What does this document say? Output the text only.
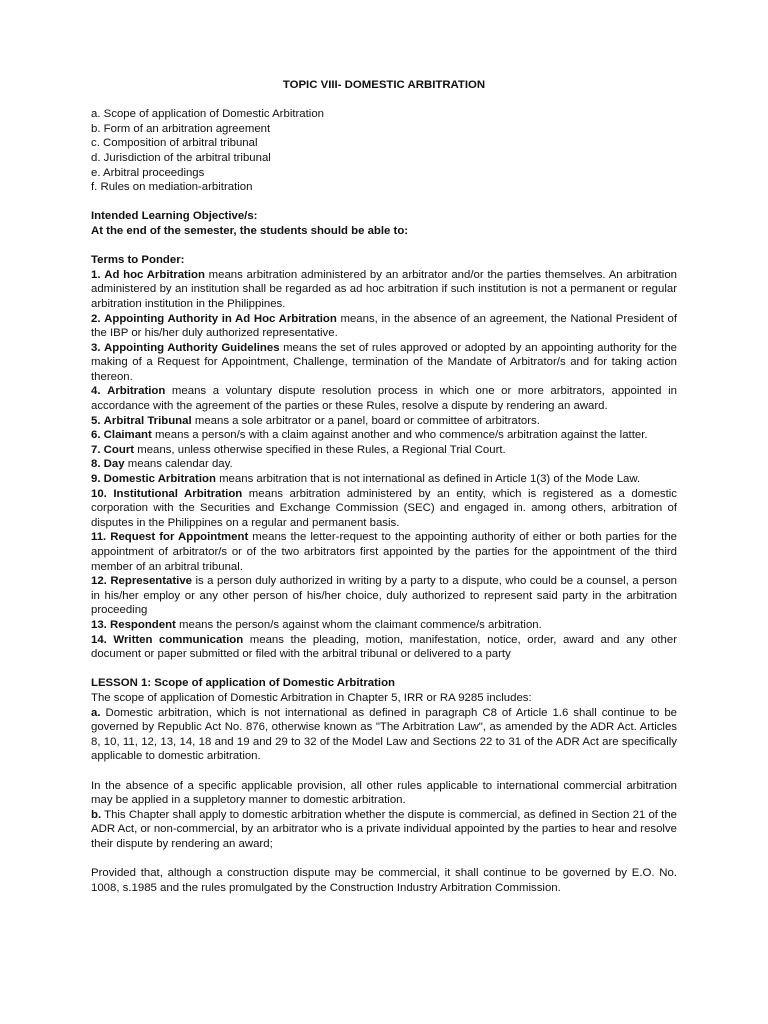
TOPIC VIII- DOMESTIC ARBITRATION
a. Scope of application of Domestic Arbitration
b. Form of an arbitration agreement
c. Composition of arbitral tribunal
d. Jurisdiction of the arbitral tribunal
e. Arbitral proceedings
f. Rules on mediation-arbitration
Intended Learning Objective/s:
At the end of the semester, the students should be able to:
Terms to Ponder:
1. Ad hoc Arbitration means arbitration administered by an arbitrator and/or the parties themselves. An arbitration administered by an institution shall be regarded as ad hoc arbitration if such institution is not a permanent or regular arbitration institution in the Philippines.
2. Appointing Authority in Ad Hoc Arbitration means, in the absence of an agreement, the National President of the IBP or his/her duly authorized representative.
3. Appointing Authority Guidelines means the set of rules approved or adopted by an appointing authority for the making of a Request for Appointment, Challenge, termination of the Mandate of Arbitrator/s and for taking action thereon.
4. Arbitration means a voluntary dispute resolution process in which one or more arbitrators, appointed in accordance with the agreement of the parties or these Rules, resolve a dispute by rendering an award.
5. Arbitral Tribunal means a sole arbitrator or a panel, board or committee of arbitrators.
6. Claimant means a person/s with a claim against another and who commence/s arbitration against the latter.
7. Court means, unless otherwise specified in these Rules, a Regional Trial Court.
8. Day means calendar day.
9. Domestic Arbitration means arbitration that is not international as defined in Article 1(3) of the Mode Law.
10. Institutional Arbitration means arbitration administered by an entity, which is registered as a domestic corporation with the Securities and Exchange Commission (SEC) and engaged in. among others, arbitration of disputes in the Philippines on a regular and permanent basis.
11. Request for Appointment means the letter-request to the appointing authority of either or both parties for the appointment of arbitrator/s or of the two arbitrators first appointed by the parties for the appointment of the third member of an arbitral tribunal.
12. Representative is a person duly authorized in writing by a party to a dispute, who could be a counsel, a person in his/her employ or any other person of his/her choice, duly authorized to represent said party in the arbitration proceeding
13. Respondent means the person/s against whom the claimant commence/s arbitration.
14. Written communication means the pleading, motion, manifestation, notice, order, award and any other document or paper submitted or filed with the arbitral tribunal or delivered to a party
LESSON 1: Scope of application of Domestic Arbitration
The scope of application of Domestic Arbitration in Chapter 5, IRR or RA 9285 includes:
a. Domestic arbitration, which is not international as defined in paragraph C8 of Article 1.6 shall continue to be governed by Republic Act No. 876, otherwise known as "The Arbitration Law", as amended by the ADR Act. Articles 8, 10, 11, 12, 13, 14, 18 and 19 and 29 to 32 of the Model Law and Sections 22 to 31 of the ADR Act are specifically applicable to domestic arbitration.
In the absence of a specific applicable provision, all other rules applicable to international commercial arbitration may be applied in a suppletory manner to domestic arbitration.
b. This Chapter shall apply to domestic arbitration whether the dispute is commercial, as defined in Section 21 of the ADR Act, or non-commercial, by an arbitrator who is a private individual appointed by the parties to hear and resolve their dispute by rendering an award;
Provided that, although a construction dispute may be commercial, it shall continue to be governed by E.O. No. 1008, s.1985 and the rules promulgated by the Construction Industry Arbitration Commission.
